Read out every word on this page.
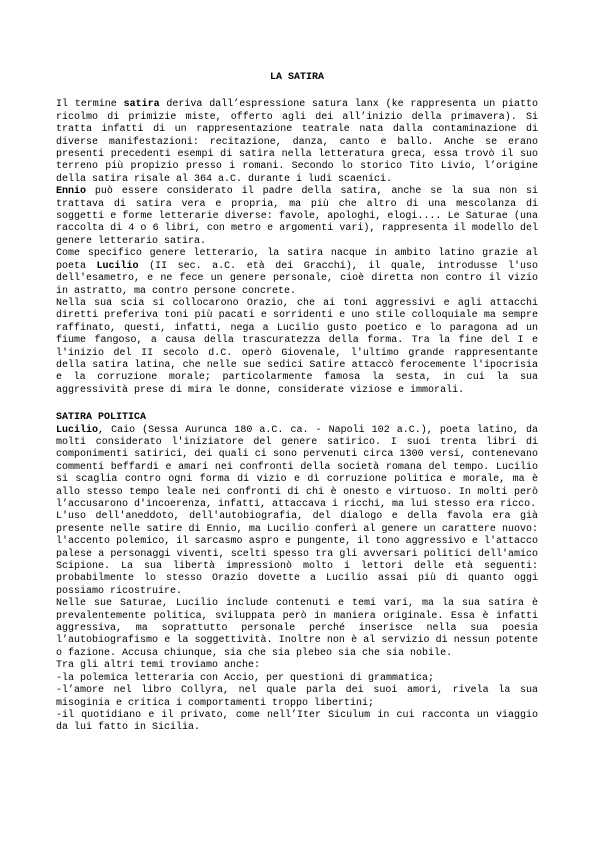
LA SATIRA

Il termine satira deriva dall’espressione satura lanx (ke rappresenta un piatto ricolmo di primizie miste, offerto agli dei all’inizio della primavera). Si tratta infatti di un rappresentazione teatrale nata dalla contaminazione di diverse manifestazioni: recitazione, danza, canto e ballo. Anche se erano presenti precedenti esempi di satira nella letteratura greca, essa trovò il suo terreno più propizio presso i romani. Secondo lo storico Tito Livio, l’origine della satira risale al 364 a.C. durante i ludi scaenici.

Ennio può essere considerato il padre della satira, anche se la sua non si trattava di satira vera e propria, ma più che altro di una mescolanza di soggetti e forme letterarie diverse: favole, apologhi, elogi.... Le Saturae (una raccolta di 4 o 6 libri, con metro e argomenti vari), rappresenta il modello del genere letterario satira.

Come specifico genere letterario, la satira nacque in ambito latino grazie al poeta Lucilio (II sec. a.C. età dei Gracchi), il quale, introdusse l'uso dell'esametro, e ne fece un genere personale, cioè diretta non contro il vizio in astratto, ma contro persone concrete.

Nella sua scia si collocarono Orazio, che ai toni aggressivi e agli attacchi diretti preferiva toni più pacati e sorridenti e uno stile colloquiale ma sempre raffinato, questi, infatti, nega a Lucilio gusto poetico e lo paragona ad un fiume fangoso, a causa della trascuratezza della forma. Tra la fine del I e l'inizio del II secolo d.C. operò Giovenale, l'ultimo grande rappresentante della satira latina, che nelle sue sedici Satire attaccò ferocemente l'ipocrisia e la corruzione morale; particolarmente famosa la sesta, in cui la sua aggressività prese di mira le donne, considerate viziose e immorali.

SATIRA POLITICA

Lucilio, Caio (Sessa Aurunca 180 a.C. ca. - Napoli 102 a.C.), poeta latino, da molti considerato l'iniziatore del genere satirico. I suoi trenta libri di componimenti satirici, dei quali ci sono pervenuti circa 1300 versi, contenevano commenti beffardi e amari nei confronti della società romana del tempo. Lucilio si scaglia contro ogni forma di vizio e dì corruzione politica e morale, ma è allo stesso tempo leale nei confronti di chi è onesto e virtuoso. In molti però l’accusarono d'incoerenza, infatti, attaccava i ricchi, ma lui stesso era ricco.

L'uso dell'aneddoto, dell'autobiografia, del dialogo e della favola era già presente nelle satire di Ennio, ma Lucilio conferì al genere un carattere nuovo: l'accento polemico, il sarcasmo aspro e pungente, il tono aggressivo e l'attacco palese a personaggi viventi, scelti spesso tra gli avversari politici dell'amico Scipione. La sua libertà impressionò molto i lettori delle età seguenti: probabilmente lo stesso Orazio dovette a Lucilio assai più di quanto oggi possiamo ricostruire.

Nelle sue Saturae, Lucilio include contenuti e temi vari, ma la sua satira è prevalentemente politica, sviluppata però in maniera originale. Essa è infatti aggressiva, ma soprattutto personale perché inserisce nella sua poesia l’autobiografismo e la soggettività. Inoltre non è al servizio di nessun potente o fazione. Accusa chiunque, sia che sia plebeo sia che sia nobile.

Tra gli altri temi troviamo anche:

-la polemica letteraria con Accio, per questioni di grammatica;

-l’amore nel libro Collyra, nel quale parla dei suoi amori, rivela la sua misoginia e critica i comportamenti troppo libertini;

-il quotidiano e il privato, come nell’Iter Siculum in cui racconta un viaggio da lui fatto in Sicilia.
